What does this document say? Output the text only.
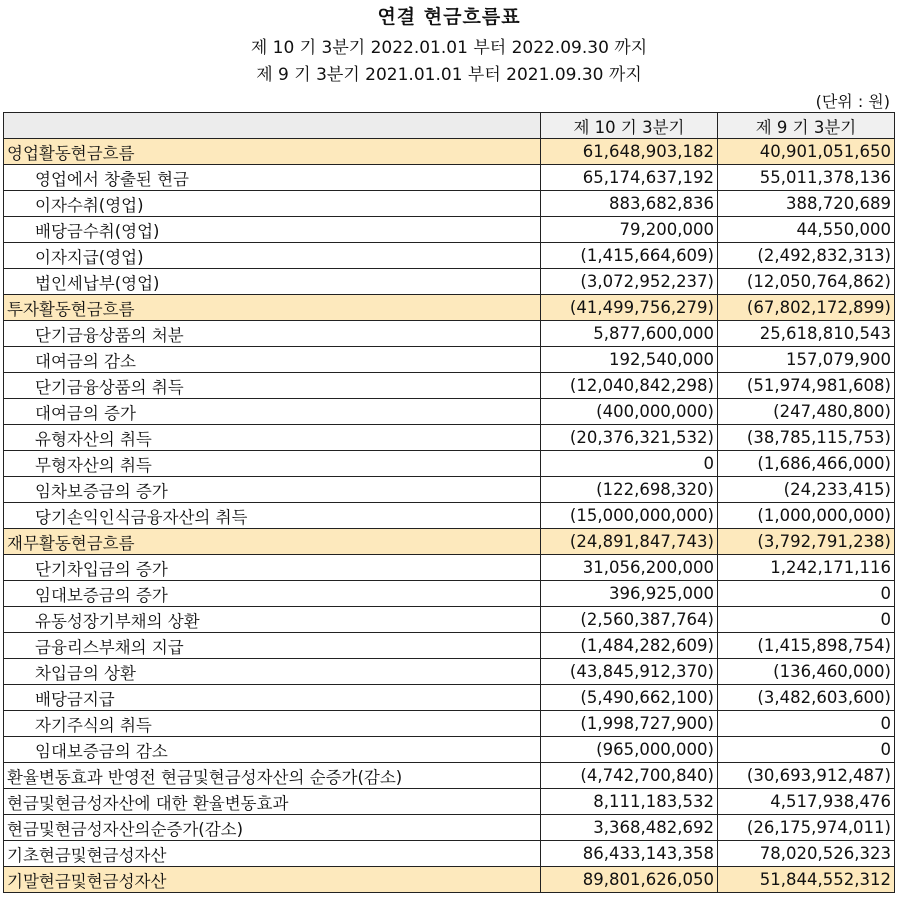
연결 현금흐름표
제 10 기 3분기 2022.01.01 부터 2022.09.30 까지
제 9 기 3분기 2021.01.01 부터 2021.09.30 까지
(단위 : 원)
	제 10 기 3분기	제 9 기 3분기
영업활동현금흐름	61,648,903,182	40,901,051,650
영업에서 창출된 현금	65,174,637,192	55,011,378,136
이자수취(영업)	883,682,836	388,720,689
배당금수취(영업)	79,200,000	44,550,000
이자지급(영업)	(1,415,664,609)	(2,492,832,313)
법인세납부(영업)	(3,072,952,237)	(12,050,764,862)
투자활동현금흐름	(41,499,756,279)	(67,802,172,899)
단기금융상품의 처분	5,877,600,000	25,618,810,543
대여금의 감소	192,540,000	157,079,900
단기금융상품의 취득	(12,040,842,298)	(51,974,981,608)
대여금의 증가	(400,000,000)	(247,480,800)
유형자산의 취득	(20,376,321,532)	(38,785,115,753)
무형자산의 취득	0	(1,686,466,000)
임차보증금의 증가	(122,698,320)	(24,233,415)
당기손익인식금융자산의 취득	(15,000,000,000)	(1,000,000,000)
재무활동현금흐름	(24,891,847,743)	(3,792,791,238)
단기차입금의 증가	31,056,200,000	1,242,171,116
임대보증금의 증가	396,925,000	0
유동성장기부채의 상환	(2,560,387,764)	0
금융리스부채의 지급	(1,484,282,609)	(1,415,898,754)
차입금의 상환	(43,845,912,370)	(136,460,000)
배당금지급	(5,490,662,100)	(3,482,603,600)
자기주식의 취득	(1,998,727,900)	0
임대보증금의 감소	(965,000,000)	0
환율변동효과 반영전 현금및현금성자산의 순증가(감소)	(4,742,700,840)	(30,693,912,487)
현금및현금성자산에 대한 환율변동효과	8,111,183,532	4,517,938,476
현금및현금성자산의순증가(감소)	3,368,482,692	(26,175,974,011)
기초현금및현금성자산	86,433,143,358	78,020,526,323
기말현금및현금성자산	89,801,626,050	51,844,552,312
